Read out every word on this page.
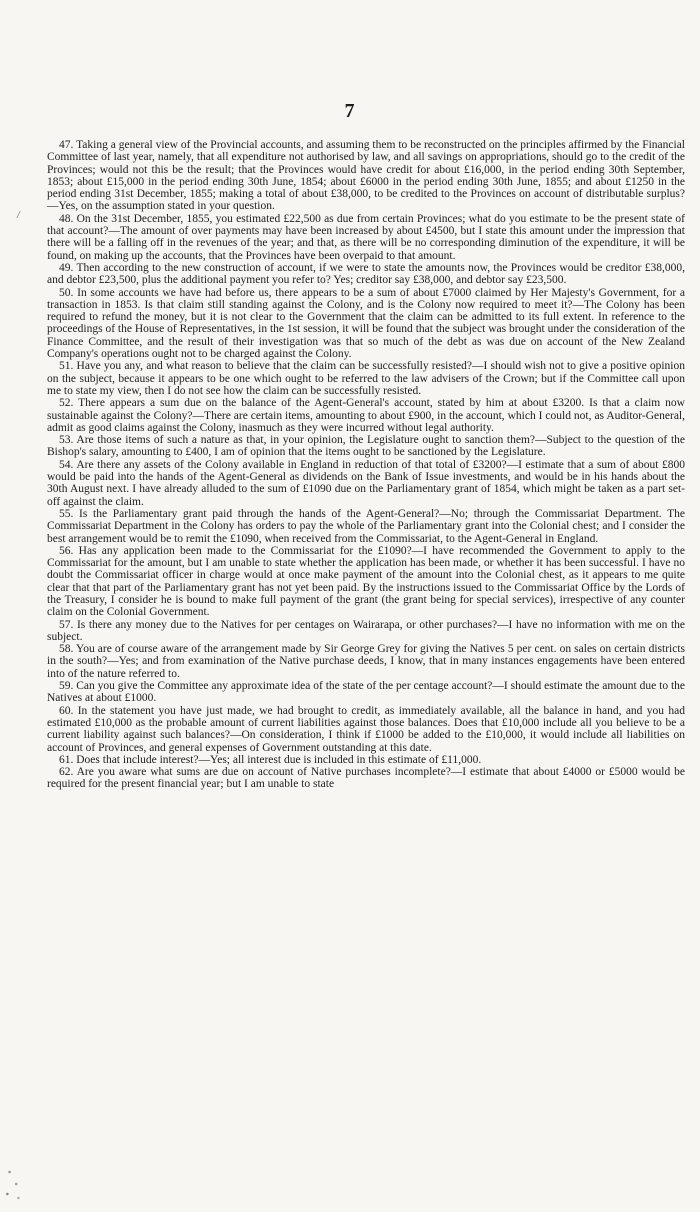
7
/

47. Taking a general view of the Provincial accounts, and assuming them to be reconstructed on the principles affirmed by the Financial Committee of last year, namely, that all expenditure not authorised by law, and all savings on appropriations, should go to the credit of the Provinces; would not this be the result; that the Provinces would have credit for about £16,000, in the period ending 30th September, 1853; about £15,000 in the period ending 30th June, 1854; about £6000 in the period ending 30th June, 1855; and about £1250 in the period ending 31st December, 1855; making a total of about £38,000, to be credited to the Provinces on account of distributable surplus?—Yes, on the assumption stated in your question.

48. On the 31st December, 1855, you estimated £22,500 as due from certain Provinces; what do you estimate to be the present state of that account?—The amount of over payments may have been increased by about £4500, but I state this amount under the impression that there will be a falling off in the revenues of the year; and that, as there will be no corresponding diminution of the expenditure, it will be found, on making up the accounts, that the Provinces have been overpaid to that amount.

49. Then according to the new construction of account, if we were to state the amounts now, the Provinces would be creditor £38,000, and debtor £23,500, plus the additional payment you refer to? Yes; creditor say £38,000, and debtor say £23,500.

50. In some accounts we have had before us, there appears to be a sum of about £7000 claimed by Her Majesty's Government, for a transaction in 1853. Is that claim still standing against the Colony, and is the Colony now required to meet it?—The Colony has been required to refund the money, but it is not clear to the Government that the claim can be admitted to its full extent. In reference to the proceedings of the House of Representatives, in the 1st session, it will be found that the subject was brought under the consideration of the Finance Committee, and the result of their investigation was that so much of the debt as was due on account of the New Zealand Company's operations ought not to be charged against the Colony.

51. Have you any, and what reason to believe that the claim can be successfully resisted?—I should wish not to give a positive opinion on the subject, because it appears to be one which ought to be referred to the law advisers of the Crown; but if the Committee call upon me to state my view, then I do not see how the claim can be successfully resisted.

52. There appears a sum due on the balance of the Agent-General's account, stated by him at about £3200. Is that a claim now sustainable against the Colony?—There are certain items, amounting to about £900, in the account, which I could not, as Auditor-General, admit as good claims against the Colony, inasmuch as they were incurred without legal authority.

53. Are those items of such a nature as that, in your opinion, the Legislature ought to sanction them?—Subject to the question of the Bishop's salary, amounting to £400, I am of opinion that the items ought to be sanctioned by the Legislature.

54. Are there any assets of the Colony available in England in reduction of that total of £3200?—I estimate that a sum of about £800 would be paid into the hands of the Agent-General as dividends on the Bank of Issue investments, and would be in his hands about the 30th August next. I have already alluded to the sum of £1090 due on the Parliamentary grant of 1854, which might be taken as a part set-off against the claim.

55. Is the Parliamentary grant paid through the hands of the Agent-General?—No; through the Commissariat Department. The Commissariat Department in the Colony has orders to pay the whole of the Parliamentary grant into the Colonial chest; and I consider the best arrangement would be to remit the £1090, when received from the Commissariat, to the Agent-General in England.

56. Has any application been made to the Commissariat for the £1090?—I have recommended the Government to apply to the Commissariat for the amount, but I am unable to state whether the application has been made, or whether it has been successful. I have no doubt the Commissariat officer in charge would at once make payment of the amount into the Colonial chest, as it appears to me quite clear that that part of the Parliamentary grant has not yet been paid. By the instructions issued to the Commissariat Office by the Lords of the Treasury, I consider he is bound to make full payment of the grant (the grant being for special services), irrespective of any counter claim on the Colonial Government.

57. Is there any money due to the Natives for per centages on Wairarapa, or other purchases?—I have no information with me on the subject.

58. You are of course aware of the arrangement made by Sir George Grey for giving the Natives 5 per cent. on sales on certain districts in the south?—Yes; and from examination of the Native purchase deeds, I know, that in many instances engagements have been entered into of the nature referred to.

59. Can you give the Committee any approximate idea of the state of the per centage account?—I should estimate the amount due to the Natives at about £1000.

60. In the statement you have just made, we had brought to credit, as immediately available, all the balance in hand, and you had estimated £10,000 as the probable amount of current liabilities against those balances. Does that £10,000 include all you believe to be a current liability against such balances?—On consideration, I think if £1000 be added to the £10,000, it would include all liabilities on account of Provinces, and general expenses of Government outstanding at this date.

61. Does that include interest?—Yes; all interest due is included in this estimate of £11,000.

62. Are you aware what sums are due on account of Native purchases incomplete?—I estimate that about £4000 or £5000 would be required for the present financial year; but I am unable to state
